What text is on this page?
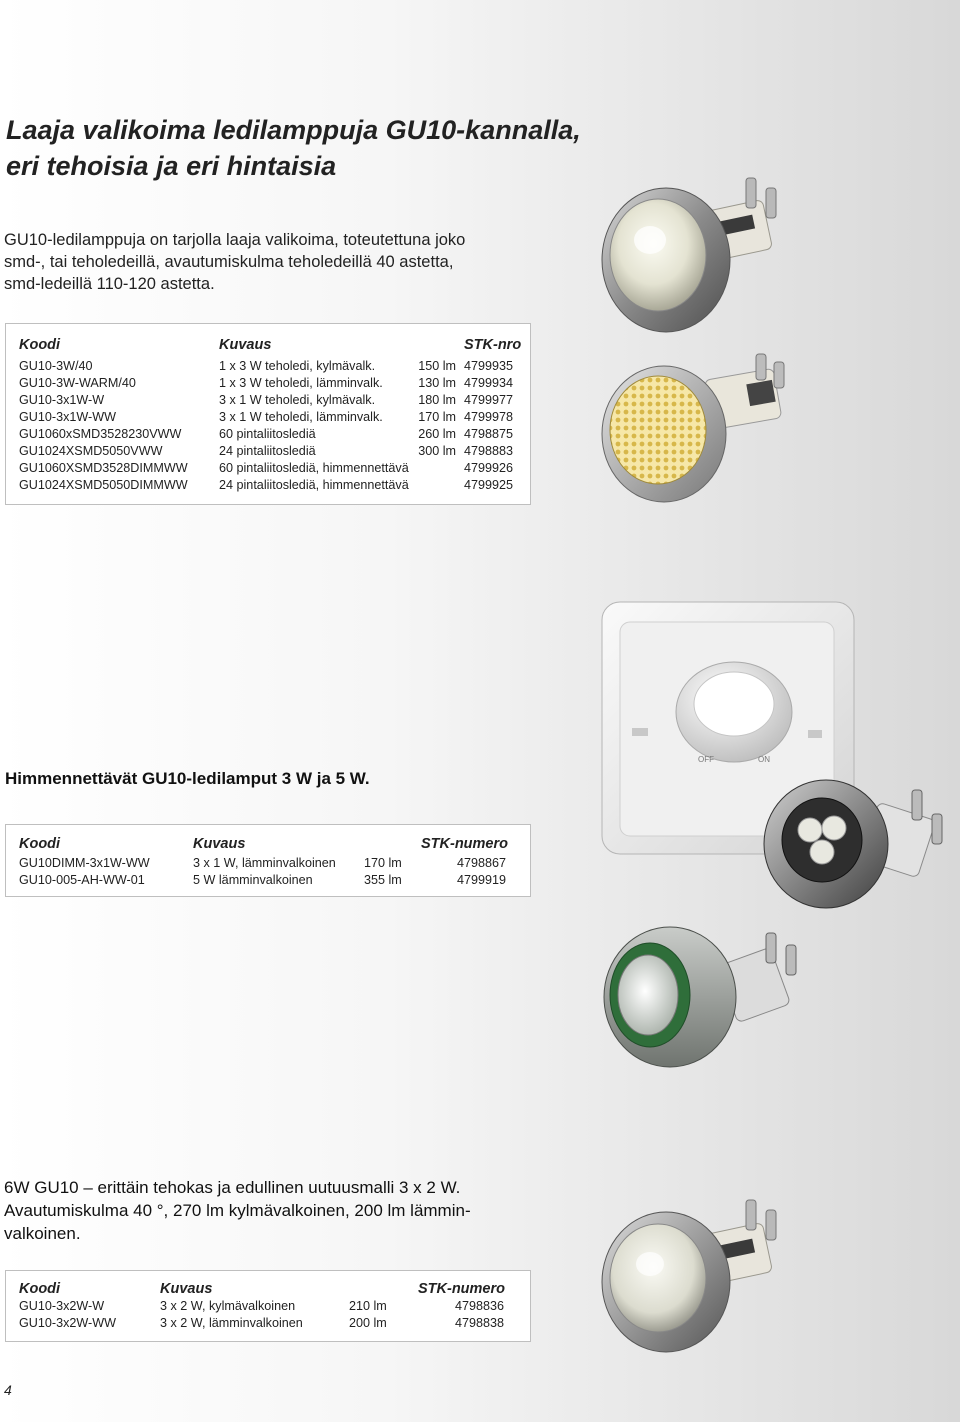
Laaja valikoima ledilamppuja GU10-kannalla,
eri tehoisia ja eri hintaisia

GU10-ledilamppuja on tarjolla laaja valikoima, toteutettuna joko
smd-, tai teholedeillä, avautumiskulma teholedeillä 40 astetta,
smd-ledeillä 110-120 astetta.

Koodi	Kuvaus	STK-nro
GU10-3W/40	1 x 3 W teholedi, kylmävalk.	150 lm 4799935
GU10-3W-WARM/40	1 x 3 W teholedi, lämminvalk.	130 lm 4799934
GU10-3x1W-W	3 x 1 W teholedi, kylmävalk.	180 lm 4799977
GU10-3x1W-WW	3 x 1 W teholedi, lämminvalk.	170 lm 4799978
GU1060xSMD3528230VWW	60 pintaliitoslediä	260 lm 4798875
GU1024XSMD5050VWW	24 pintaliitoslediä	300 lm 4798883
GU1060XSMD3528DIMMWW 60 pintaliitoslediä, himmennettävä	4799926
GU1024XSMD5050DIMMWW 24 pintaliitoslediä, himmennettävä	4799925
Himmennettävät GU10-ledilamput 3 W ja 5 W.
Koodi	Kuvaus	STK-numero
GU10DIMM-3x1W-WW	3 x 1 W, lämminvalkoinen 170 lm	4798867
GU10-005-AH-WW-01	5 W lämminvalkoinen	355 lm	4799919

6W GU10 – erittäin tehokas ja edullinen uutuusmalli 3 x 2 W.
Avautumiskulma 40 °, 270 lm kylmävalkoinen, 200 lm lämmin-
valkoinen.

Koodi	Kuvaus	STK-numero
GU10-3x2W-W	3 x 2 W, kylmävalkoinen	210 lm	4798836
GU10-3x2W-WW	3 x 2 W, lämminvalkoinen	200 lm	4798838
4
OFF	ON
